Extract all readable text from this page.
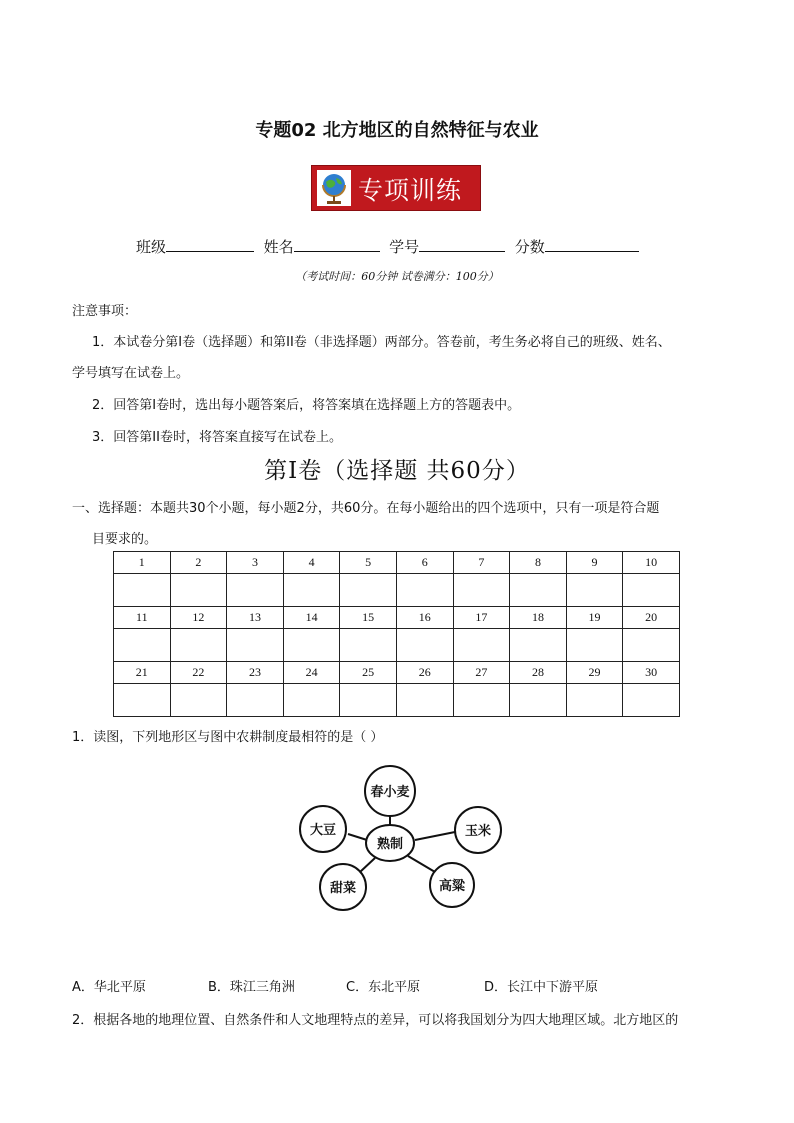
专题02 北方地区的自然特征与农业
专项训练
班级	姓名	学号	分数
（考试时间：60分钟 试卷满分：100分）
注意事项：
1．本试卷分第Ⅰ卷（选择题）和第II卷（非选择题）两部分。答卷前，考生务必将自己的班级、姓名、
学号填写在试卷上。
2．回答第Ⅰ卷时，选出每小题答案后，将答案填在选择题上方的答题表中。
3．回答第II卷时，将答案直接写在试卷上。
第Ⅰ卷（选择题 共60分）
一、选择题：本题共30个小题，每小题2分，共60分。在每小题给出的四个选项中，只有一项是符合题
目要求的。
1	2	3	4	5	6	7	8	9	10

11	12	13	14	15	16	17	18	19	20

21	22	23	24	25	26	27	28	29	30

1．读图，下列地形区与图中农耕制度最相符的是（ ）
熟制
春小麦
玉米
高粱
甜菜
大豆
A．华北平原	B．珠江三角洲	C．东北平原	D．长江中下游平原
2．根据各地的地理位置、自然条件和人文地理特点的差异，可以将我国划分为四大地理区域。北方地区的
